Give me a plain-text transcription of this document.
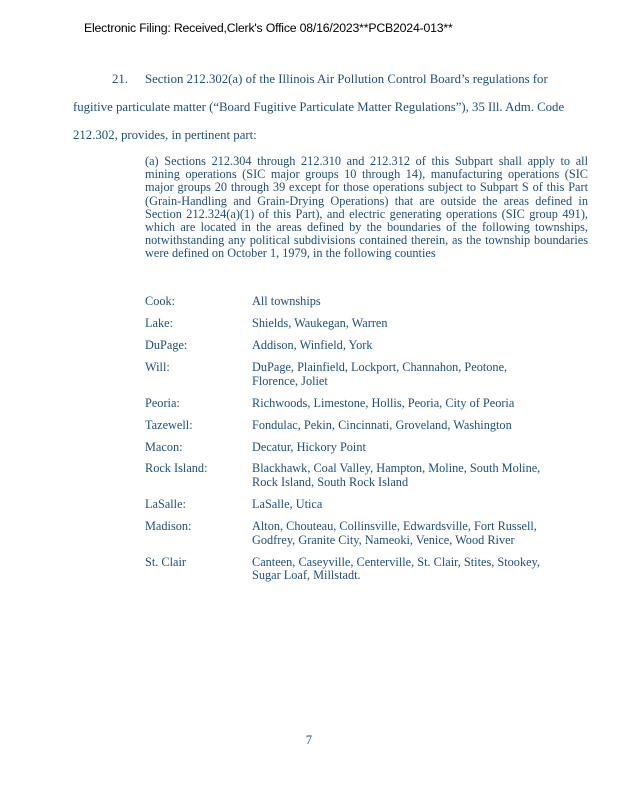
Electronic Filing: Received,Clerk's Office 08/16/2023**PCB2024-013**
21. Section 212.302(a) of the Illinois Air Pollution Control Board’s regulations for
fugitive particulate matter (“Board Fugitive Particulate Matter Regulations”), 35 Ill. Adm. Code
212.302, provides, in pertinent part:
(a) Sections 212.304 through 212.310 and 212.312 of this Subpart shall apply to all mining operations (SIC major groups 10 through 14), manufacturing operations (SIC major groups 20 through 39 except for those operations subject to Subpart S of this Part (Grain-Handling and Grain-Drying Operations) that are outside the areas defined in Section 212.324(a)(1) of this Part), and electric generating operations (SIC group 491), which are located in the areas defined by the boundaries of the following townships, notwithstanding any political subdivisions contained therein, as the township boundaries were defined on October 1, 1979, in the following counties
Cook:	All townships
Lake:	Shields, Waukegan, Warren
DuPage:	Addison, Winfield, York
Will:	DuPage, Plainfield, Lockport, Channahon, Peotone,
Florence, Joliet
Peoria:	Richwoods, Limestone, Hollis, Peoria, City of Peoria
Tazewell:	Fondulac, Pekin, Cincinnati, Groveland, Washington
Macon:	Decatur, Hickory Point
Rock Island:	Blackhawk, Coal Valley, Hampton, Moline, South Moline,
Rock Island, South Rock Island
LaSalle:	LaSalle, Utica
Madison:	Alton, Chouteau, Collinsville, Edwardsville, Fort Russell,
Godfrey, Granite City, Nameoki, Venice, Wood River
St. Clair	Canteen, Caseyville, Centerville, St. Clair, Stites, Stookey,
Sugar Loaf, Millstadt.
7
